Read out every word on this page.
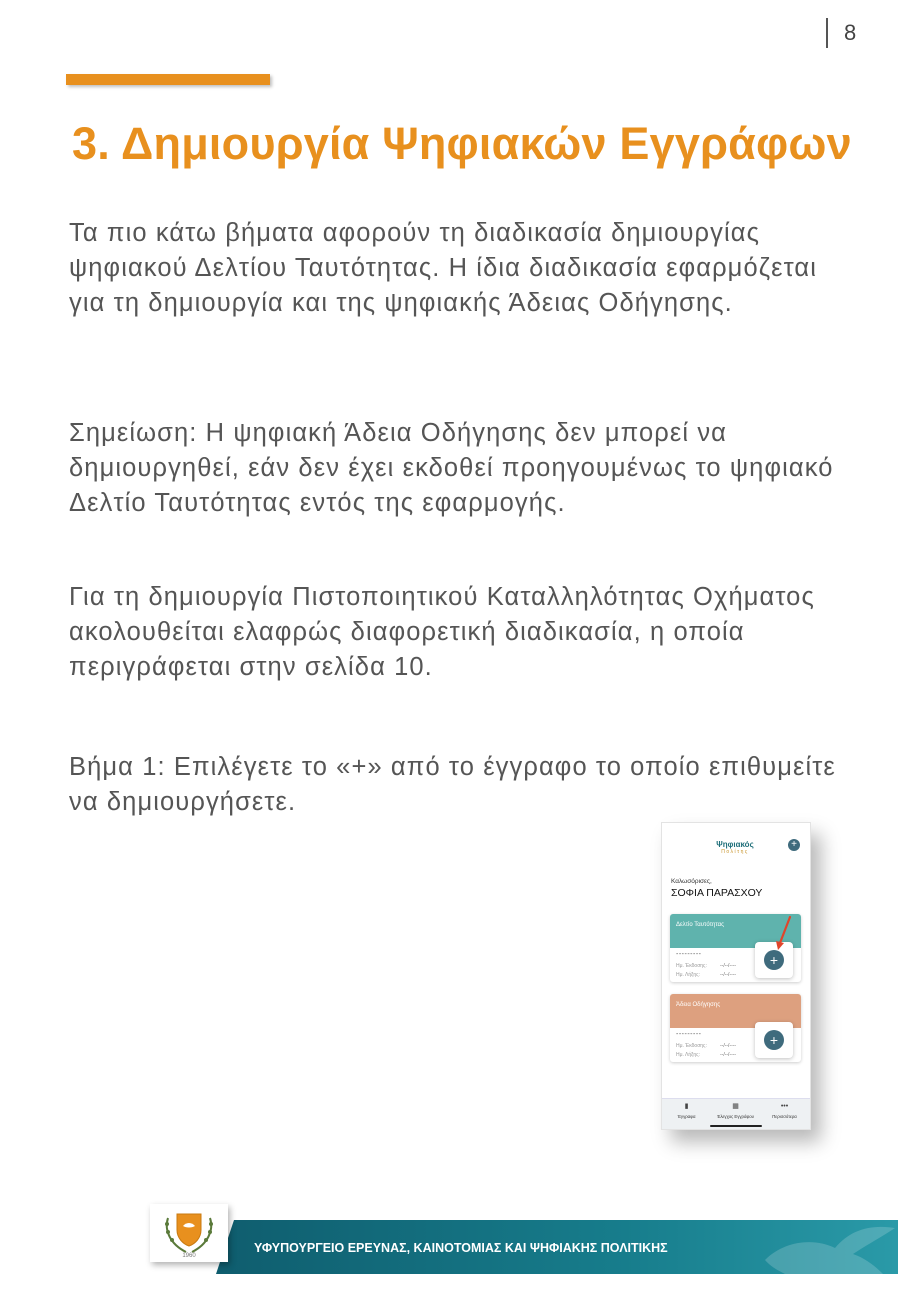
8
3. Δημιουργία Ψηφιακών Εγγράφων

Τα πιο κάτω βήματα αφορούν τη διαδικασία δημιουργίας ψηφιακού Δελτίου Ταυτότητας. Η ίδια διαδικασία εφαρμόζεται για τη δημιουργία και της ψηφιακής Άδειας Οδήγησης.

Σημείωση: Η ψηφιακή Άδεια Οδήγησης δεν μπορεί να δημιουργηθεί, εάν δεν έχει εκδοθεί προηγουμένως το ψηφιακό Δελτίο Ταυτότητας εντός της εφαρμογής.

Για τη δημιουργία Πιστοποιητικού Καταλληλότητας Οχήματος ακολουθείται ελαφρώς διαφορετική διαδικασία, η οποία περιγράφεται στην σελίδα 10.

Βήμα 1: Επιλέγετε το «+» από το έγγραφο το οποίο επιθυμείτε να δημιουργήσετε.

Ψηφιακός
Πολίτης
+
Καλωσόρισες,
ΣΟΦΙΑ ΠΑΡΑΣΧΟΥ
Δελτίο Ταυτότητας
---------
Ημ. Έκδοσης:	--/--/----
Ημ. Λήξης:	--/--/----
+
Άδεια Οδήγησης
---------
Ημ. Έκδοσης:	--/--/----
Ημ. Λήξης:	--/--/----
+
▮
Έγγραφα
▦
Έλεγχος Εγγράφου
•••
Περισσότερα
ΥΦΥΠΟΥΡΓΕΙΟ ΕΡΕΥΝΑΣ, ΚΑΙΝΟΤΟΜΙΑΣ ΚΑΙ ΨΗΦΙΑΚΗΣ ΠΟΛΙΤΙΚΗΣ
1960
